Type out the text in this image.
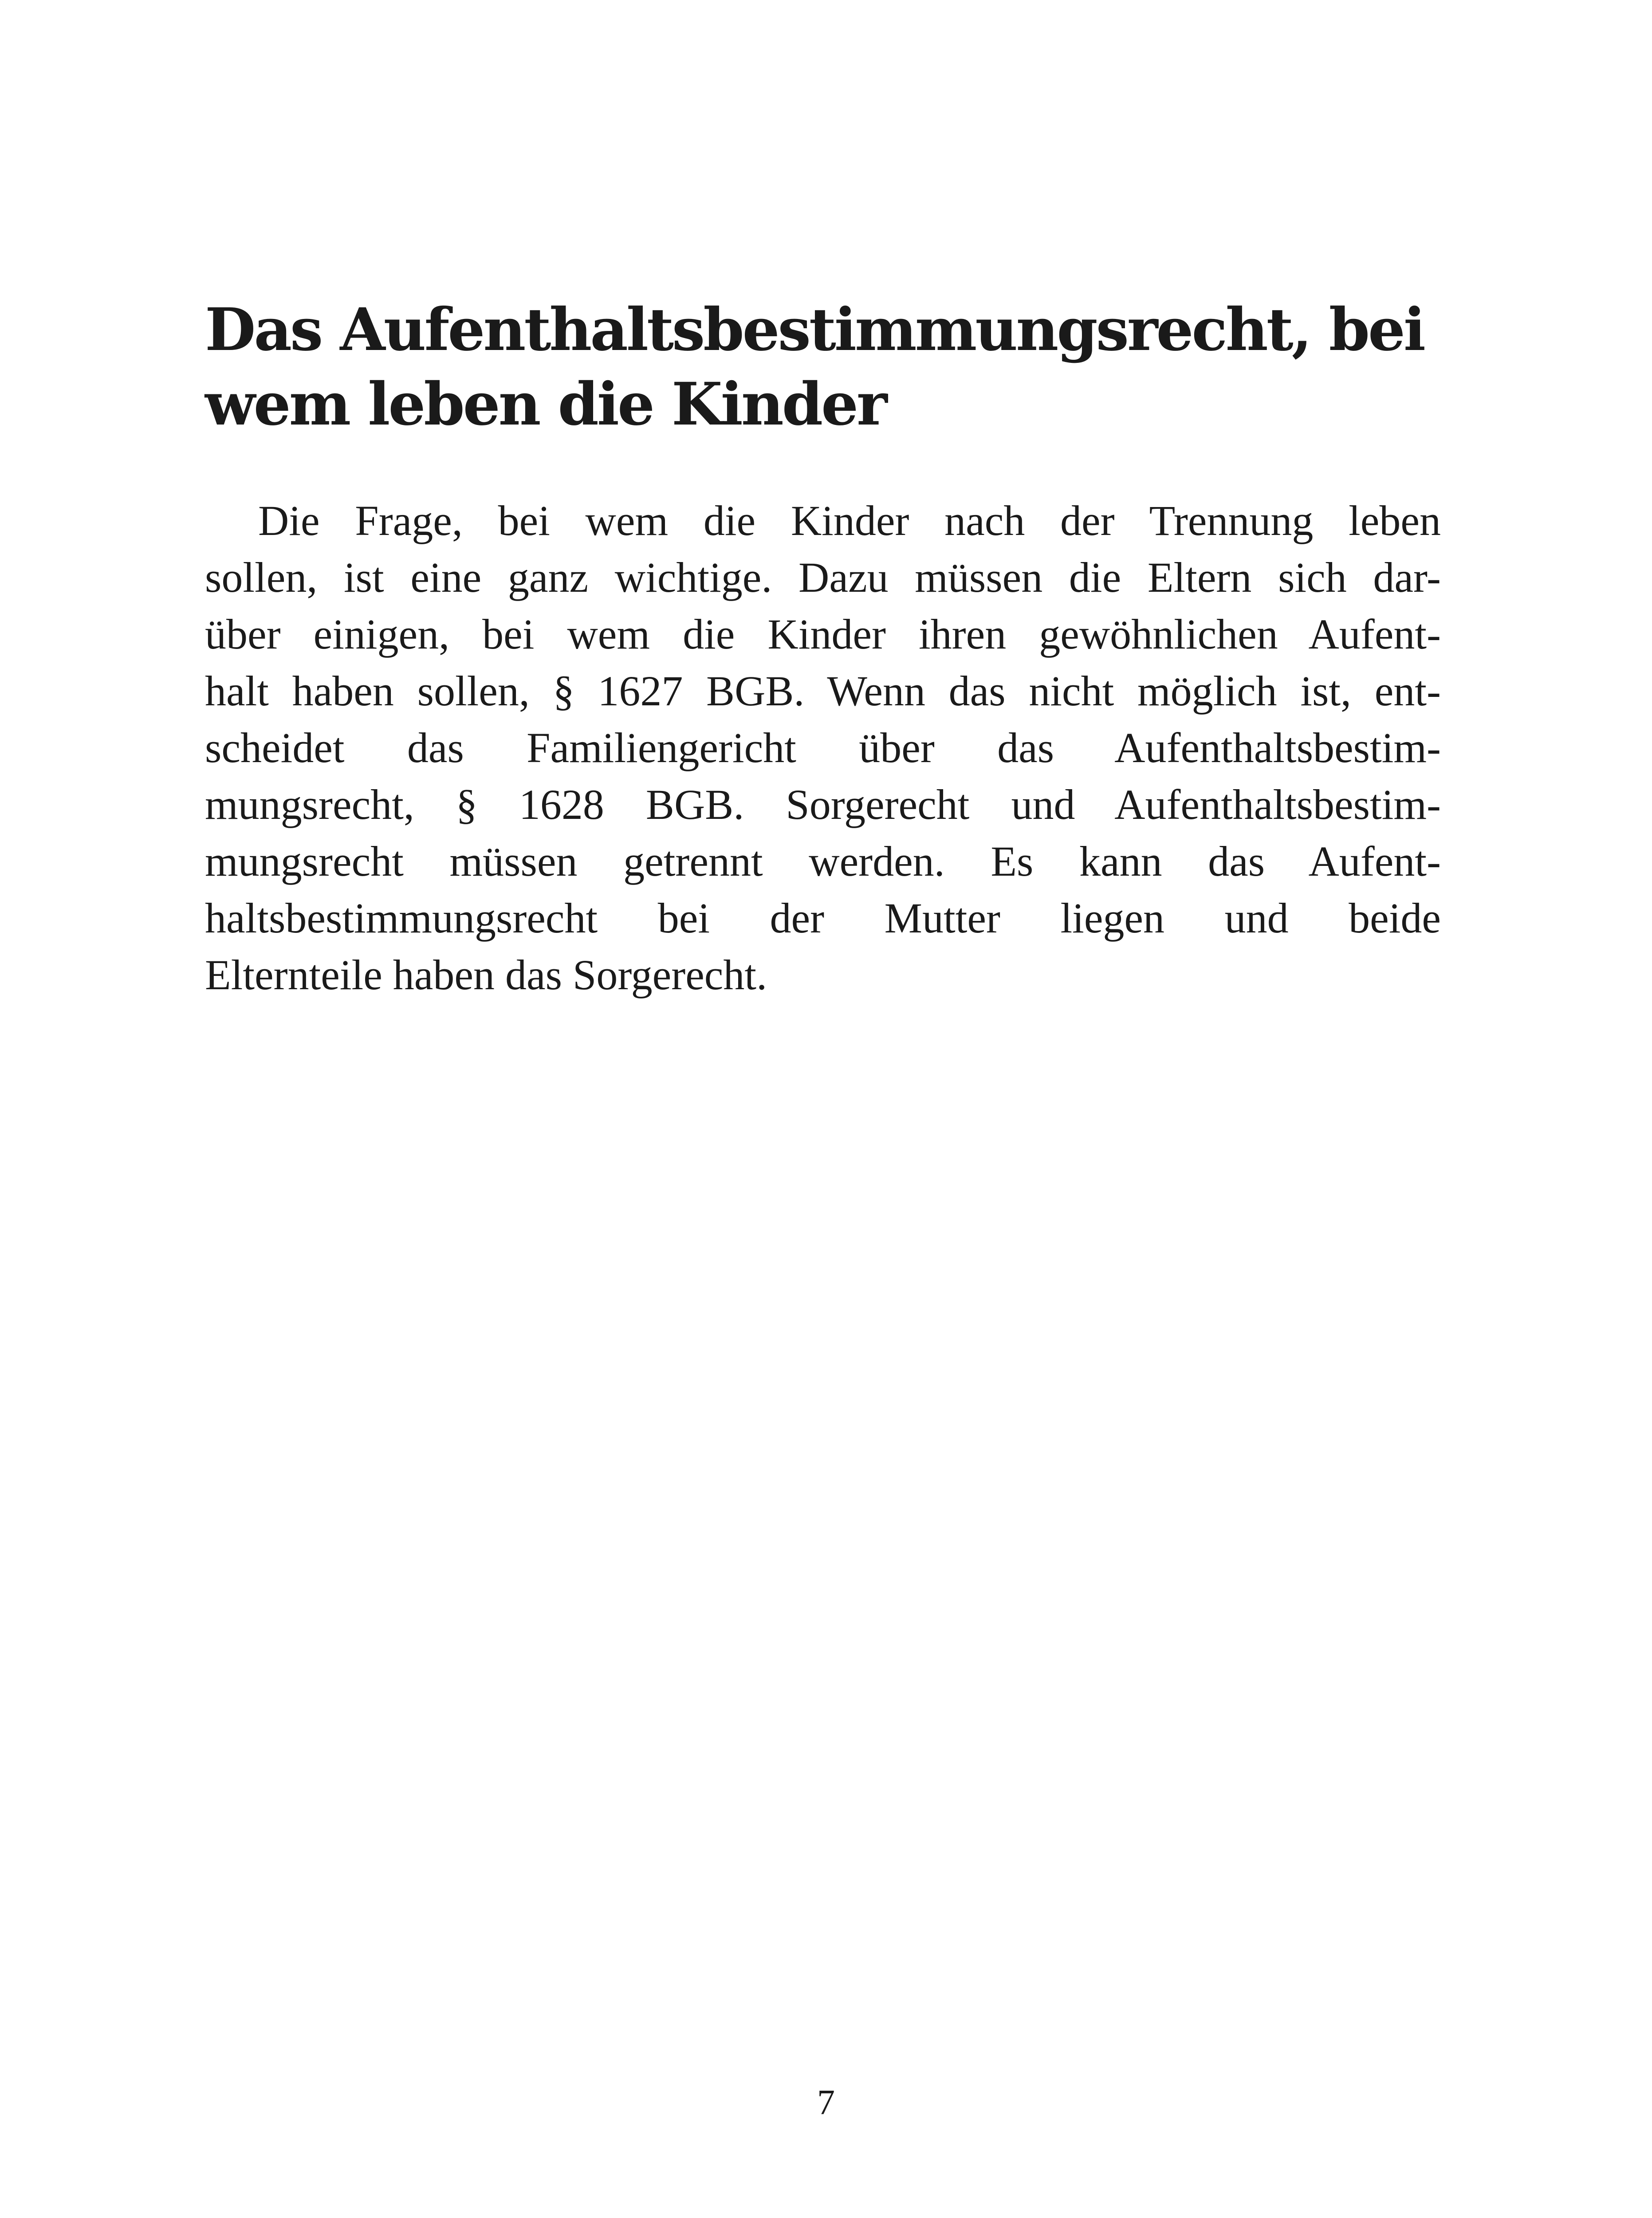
Das Aufenthaltsbestimmungsrecht, bei
wem leben die Kinder
Die Frage, bei wem die Kinder nach der Trennung leben
sollen, ist eine ganz wichtige. Dazu müssen die Eltern sich dar-
über einigen, bei wem die Kinder ihren gewöhnlichen Aufent-
halt haben sollen, § 1627 BGB. Wenn das nicht möglich ist, ent-
scheidet das Familiengericht über das Aufenthaltsbestim-
mungsrecht, § 1628 BGB. Sorgerecht und Aufenthaltsbestim-
mungsrecht müssen getrennt werden. Es kann das Aufent-
haltsbestimmungsrecht bei der Mutter liegen und beide
Elternteile haben das Sorgerecht.
7
